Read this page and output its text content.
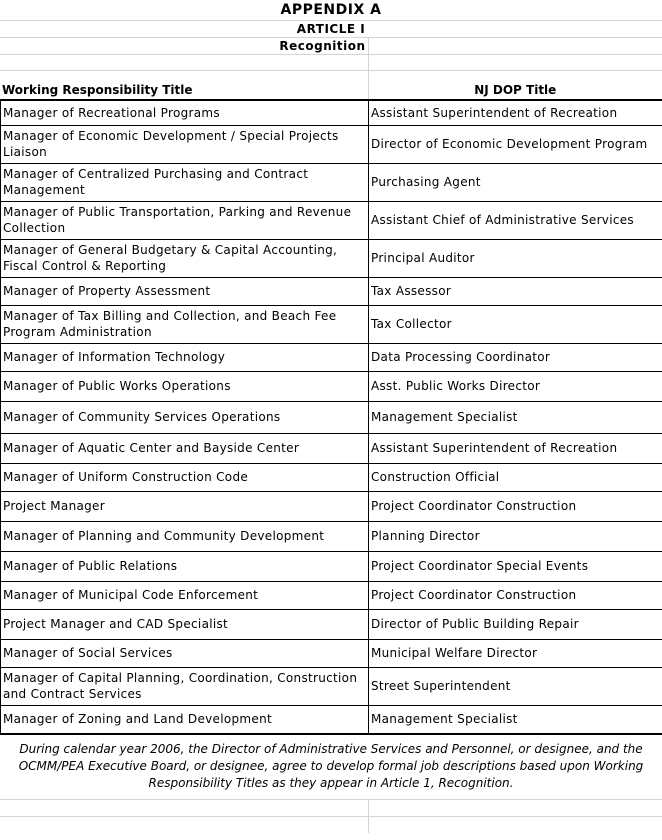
APPENDIX A	
ARTICLE I	
Recognition	

Working Responsibility Title	NJ DOP Title
Manager of Recreational Programs	Assistant Superintendent of Recreation
Manager of Economic Development / Special Projects Liaison	Director of Economic Development Program
Manager of Centralized Purchasing and Contract Management	Purchasing Agent
Manager of Public Transportation, Parking and Revenue Collection	Assistant Chief of Administrative Services
Manager of General Budgetary & Capital Accounting, Fiscal Control & Reporting	Principal Auditor
Manager of Property Assessment	Tax Assessor
Manager of Tax Billing and Collection, and Beach Fee Program Administration	Tax Collector
Manager of Information Technology	Data Processing Coordinator
Manager of Public Works Operations	Asst. Public Works Director
Manager of Community Services Operations	Management Specialist
Manager of Aquatic Center and Bayside Center	Assistant Superintendent of Recreation
Manager of Uniform Construction Code	Construction Official
Project Manager	Project Coordinator Construction
Manager of Planning and Community Development	Planning Director
Manager of Public Relations	Project Coordinator Special Events
Manager of Municipal Code Enforcement	Project Coordinator Construction
Project Manager and CAD Specialist	Director of Public Building Repair
Manager of Social Services	Municipal Welfare Director
Manager of Capital Planning, Coordination, Construction and Contract Services	Street Superintendent
Manager of Zoning and Land Development	Management Specialist
During calendar year 2006, the Director of Administrative Services and Personnel, or designee, and the OCMM/PEA Executive Board, or designee, agree to develop formal job descriptions based upon Working Responsibility Titles as they appear in Article 1, Recognition.	
